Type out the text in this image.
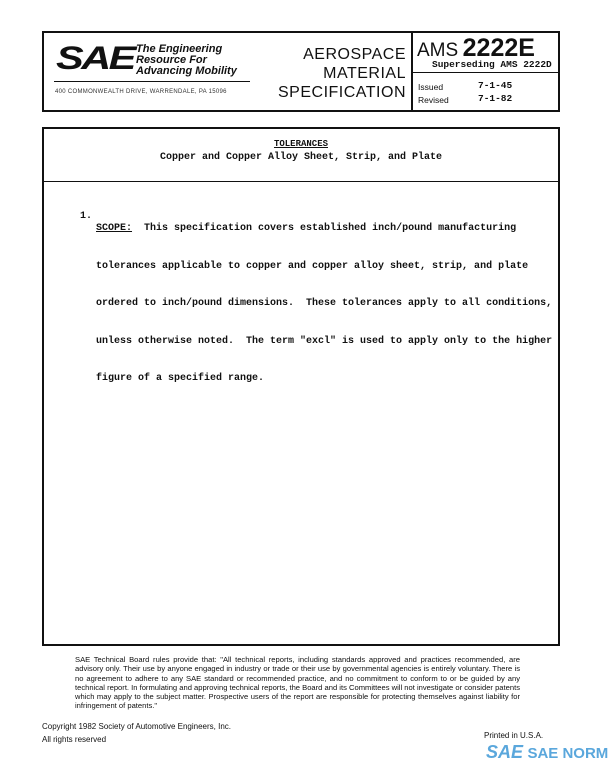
SAE The Engineering
Resource For
Advancing Mobility
400 COMMONWEALTH DRIVE, WARRENDALE, PA 15096
AEROSPACE
MATERIAL
SPECIFICATION
AMS 2222E
Superseding AMS 2222D
Issued	7-1-45
Revised	7-1-82
TOLERANCES
Copper and Copper Alloy Sheet, Strip, and Plate

1.

SCOPE: This specification covers established inch/pound manufacturing

tolerances applicable to copper and copper alloy sheet, strip, and plate

ordered to inch/pound dimensions.  These tolerances apply to all conditions,

unless otherwise noted.  The term "excl" is used to apply only to the higher

figure of a specified range.

SAE Technical Board rules provide that: "All technical reports, including standards approved and practices recommended, are advisory only. Their use by anyone engaged in industry or trade or their use by governmental agencies is entirely voluntary. There is no agreement to adhere to any SAE standard or recommended practice, and no commitment to conform to or be guided by any technical report. In formulating and approving technical reports, the Board and its Committees will not investigate or consider patents which may apply to the subject matter. Prospective users of the report are responsible for protecting themselves against liability for infringement of patents."
Copyright 1982 Society of Automotive Engineers, Inc.
All rights reserved	Printed in U.S.A.
SAE SAE NORM
